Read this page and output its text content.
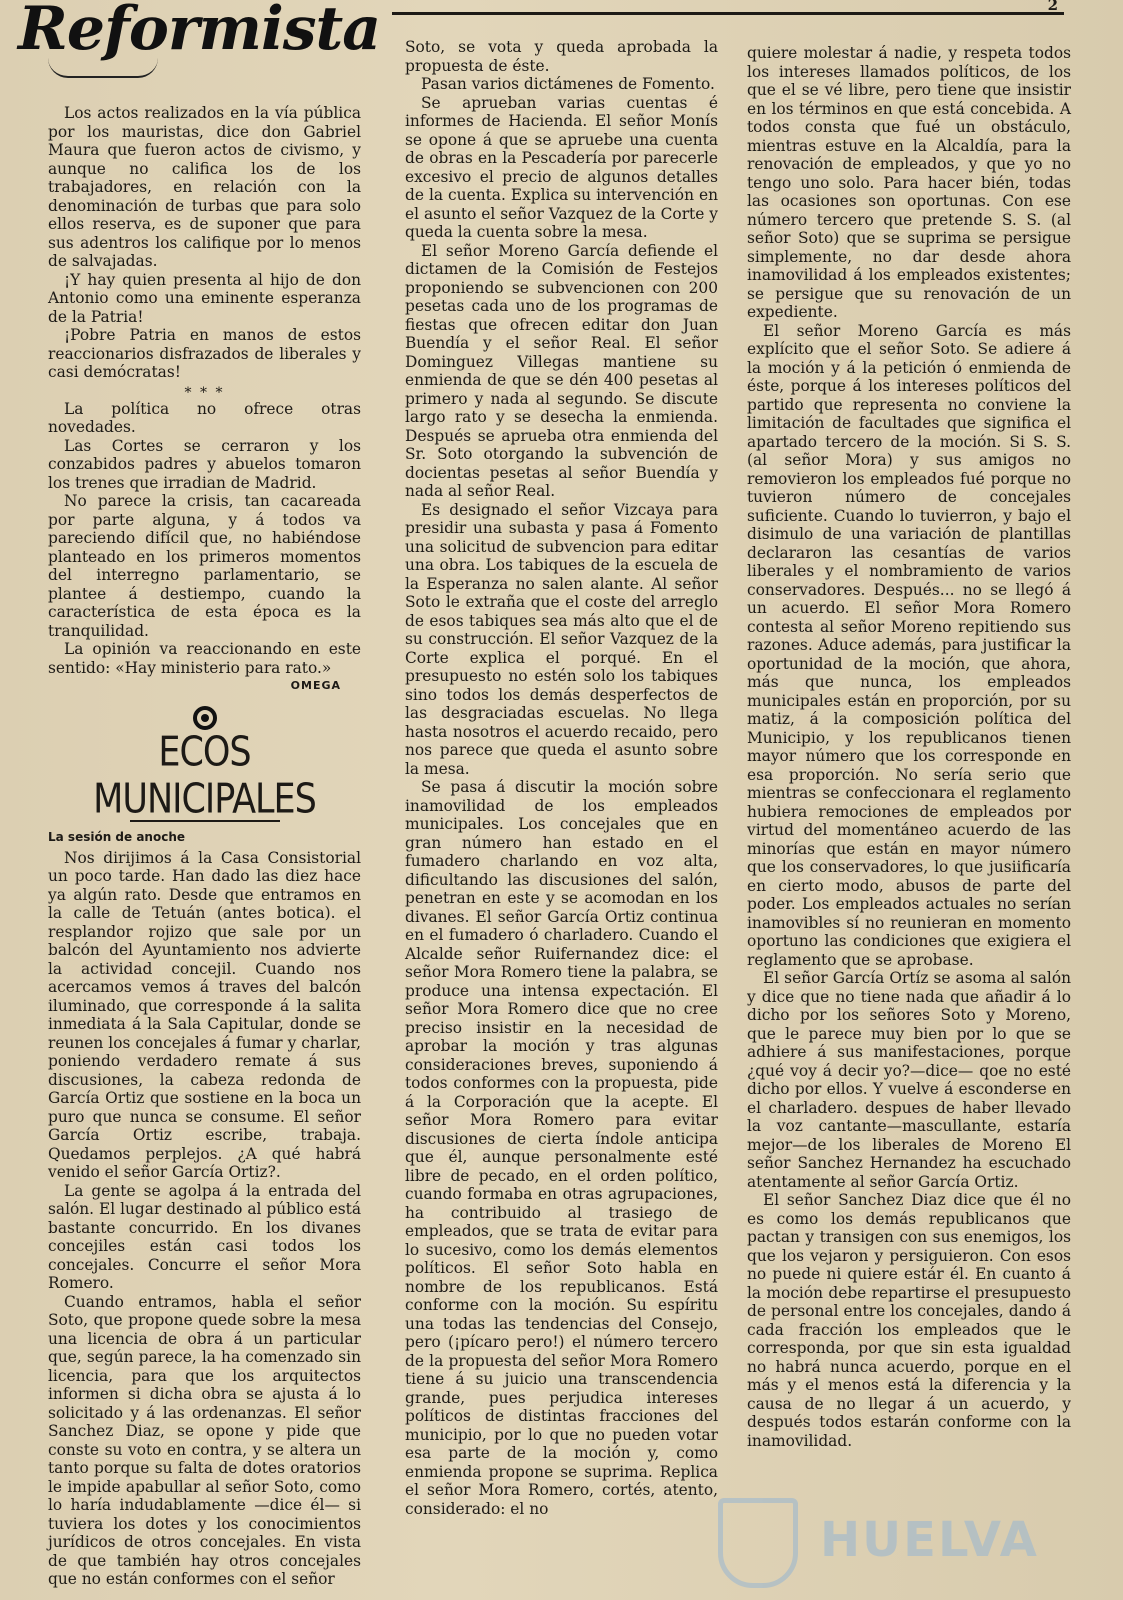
Reformista	2

Los actos realizados en la vía pública por los mauristas, dice don Gabriel Maura que fueron actos de civismo, y aunque no califica los de los trabajadores, en relación con la denominación de turbas que para solo ellos reserva, es de suponer que para sus adentros los califique por lo menos de salvajadas.

¡Y hay quien presenta al hijo de don Antonio como una eminente esperanza de la Patria!

¡Pobre Patria en manos de estos reaccionarios disfrazados de liberales y casi demócratas!

* * *

La política no ofrece otras novedades.

Las Cortes se cerraron y los conzabidos padres y abuelos tomaron los trenes que irradian de Madrid.

No parece la crisis, tan cacareada por parte alguna, y á todos va pareciendo difícil que, no habiéndose planteado en los primeros momentos del interregno parlamentario, se plantee á destiempo, cuando la característica de esta época es la tranquilidad.

La opinión va reaccionando en este sentido: «Hay ministerio para rato.»

OMEGA
ECOS MUNICIPALES
La sesión de anoche

Nos dirijimos á la Casa Consistorial un poco tarde. Han dado las diez hace ya algún rato. Desde que entramos en la calle de Tetuán (antes botica). el resplandor rojizo que sale por un balcón del Ayuntamiento nos advierte la actividad concejil. Cuando nos acercamos vemos á traves del balcón iluminado, que corresponde á la salita inmediata á la Sala Capitular, donde se reunen los concejales á fumar y charlar, poniendo verdadero remate á sus discusiones, la cabeza redonda de García Ortiz que sostiene en la boca un puro que nunca se consume. El señor García Ortiz escribe, trabaja. Quedamos perplejos. ¿A qué habrá venido el señor García Ortiz?.

La gente se agolpa á la entrada del salón. El lugar destinado al público está bastante concurrido. En los divanes concejiles están casi todos los concejales. Concurre el señor Mora Romero.

Cuando entramos, habla el señor Soto, que propone quede sobre la mesa una licencia de obra á un particular que, según parece, la ha comenzado sin licencia, para que los arquitectos informen si dicha obra se ajusta á lo solicitado y á las ordenanzas. El señor Sanchez Diaz, se opone y pide que conste su voto en contra, y se altera un tanto porque su falta de dotes oratorios le impide apabullar al señor Soto, como lo haría indudablamente —dice él— si tuviera los dotes y los conocimientos jurídicos de otros concejales. En vista de que también hay otros concejales que no están conformes con el señor

Soto, se vota y queda aprobada la propuesta de éste.

Pasan varios dictámenes de Fomento.

Se aprueban varias cuentas é informes de Hacienda. El señor Monís se opone á que se apruebe una cuenta de obras en la Pescadería por parecerle excesivo el precio de algunos detalles de la cuenta. Explica su intervención en el asunto el señor Vazquez de la Corte y queda la cuenta sobre la mesa.

El señor Moreno García defiende el dictamen de la Comisión de Festejos proponiendo se subvencionen con 200 pesetas cada uno de los programas de fiestas que ofrecen editar don Juan Buendía y el señor Real. El señor Dominguez Villegas mantiene su enmienda de que se dén 400 pesetas al primero y nada al segundo. Se discute largo rato y se desecha la enmienda. Después se aprueba otra enmienda del Sr. Soto otorgando la subvención de docientas pesetas al señor Buendía y nada al señor Real.

Es designado el señor Vizcaya para presidir una subasta y pasa á Fomento una solicitud de subvencion para editar una obra. Los tabiques de la escuela de la Esperanza no salen alante. Al señor Soto le extraña que el coste del arreglo de esos tabiques sea más alto que el de su construcción. El señor Vazquez de la Corte explica el porqué. En el presupuesto no estén solo los tabiques sino todos los demás desperfectos de las desgraciadas escuelas. No llega hasta nosotros el acuerdo recaido, pero nos parece que queda el asunto sobre la mesa.

Se pasa á discutir la moción sobre inamovilidad de los empleados municipales. Los concejales que en gran número han estado en el fumadero charlando en voz alta, dificultando las discusiones del salón, penetran en este y se acomodan en los divanes. El señor García Ortiz continua en el fumadero ó charladero. Cuando el Alcalde señor Ruifernandez dice: el señor Mora Romero tiene la palabra, se produce una intensa expectación. El señor Mora Romero dice que no cree preciso insistir en la necesidad de aprobar la moción y tras algunas consideraciones breves, suponiendo á todos conformes con la propuesta, pide á la Corporación que la acepte. El señor Mora Romero para evitar discusiones de cierta índole anticipa que él, aunque personalmente esté libre de pecado, en el orden político, cuando formaba en otras agrupaciones, ha contribuido al trasiego de empleados, que se trata de evitar para lo sucesivo, como los demás elementos políticos. El señor Soto habla en nombre de los republicanos. Está conforme con la moción. Su espíritu una todas las tendencias del Consejo, pero (¡pícaro pero!) el número tercero de la propuesta del señor Mora Romero tiene á su juicio una transcendencia grande, pues perjudica intereses políticos de distintas fracciones del municipio, por lo que no pueden votar esa parte de la moción y, como enmienda propone se suprima. Replica el señor Mora Romero, cortés, atento, considerado: el no

quiere molestar á nadie, y respeta todos los intereses llamados políticos, de los que el se vé libre, pero tiene que insistir en los términos en que está concebida. A todos consta que fué un obstáculo, mientras estuve en la Alcaldía, para la renovación de empleados, y que yo no tengo uno solo. Para hacer bién, todas las ocasiones son oportunas. Con ese número tercero que pretende S. S. (al señor Soto) que se suprima se persigue simplemente, no dar desde ahora inamovilidad á los empleados existentes; se persigue que su renovación de un expediente.

El señor Moreno García es más explícito que el señor Soto. Se adiere á la moción y á la petición ó enmienda de éste, porque á los intereses políticos del partido que representa no conviene la limitación de facultades que significa el apartado tercero de la moción. Si S. S. (al señor Mora) y sus amigos no removieron los empleados fué porque no tuvieron número de concejales suficiente. Cuando lo tuvierron, y bajo el disimulo de una variación de plantillas declararon las cesantías de varios liberales y el nombramiento de varios conservadores. Después... no se llegó á un acuerdo. El señor Mora Romero contesta al señor Moreno repitiendo sus razones. Aduce además, para justificar la oportunidad de la moción, que ahora, más que nunca, los empleados municipales están en proporción, por su matiz, á la composición política del Municipio, y los republicanos tienen mayor número que los corresponde en esa proporción. No sería serio que mientras se confeccionara el reglamento hubiera remociones de empleados por virtud del momentáneo acuerdo de las minorías que están en mayor número que los conservadores, lo que jusiificaría en cierto modo, abusos de parte del poder. Los empleados actuales no serían inamovibles sí no reunieran en momento oportuno las condiciones que exigiera el reglamento que se aprobase.

El señor García Ortíz se asoma al salón y dice que no tiene nada que añadir á lo dicho por los señores Soto y Moreno, que le parece muy bien por lo que se adhiere á sus manifestaciones, porque ¿qué voy á decir yo?—dice— qoe no esté dicho por ellos. Y vuelve á esconderse en el charladero. despues de haber llevado la voz cantante—mascullante, estaría mejor—de los liberales de Moreno El señor Sanchez Hernandez ha escuchado atentamente al señor García Ortiz.

El señor Sanchez Diaz dice que él no es como los demás republicanos que pactan y transigen con sus enemigos, los que los vejaron y persiguieron. Con esos no puede ni quiere estár él. En cuanto á la moción debe repartirse el presupuesto de personal entre los concejales, dando á cada fracción los empleados que le corresponda, por que sin esta igualdad no habrá nunca acuerdo, porque en el más y el menos está la diferencia y la causa de no llegar á un acuerdo, y después todos estarán conforme con la inamovilidad.

HUELVA
